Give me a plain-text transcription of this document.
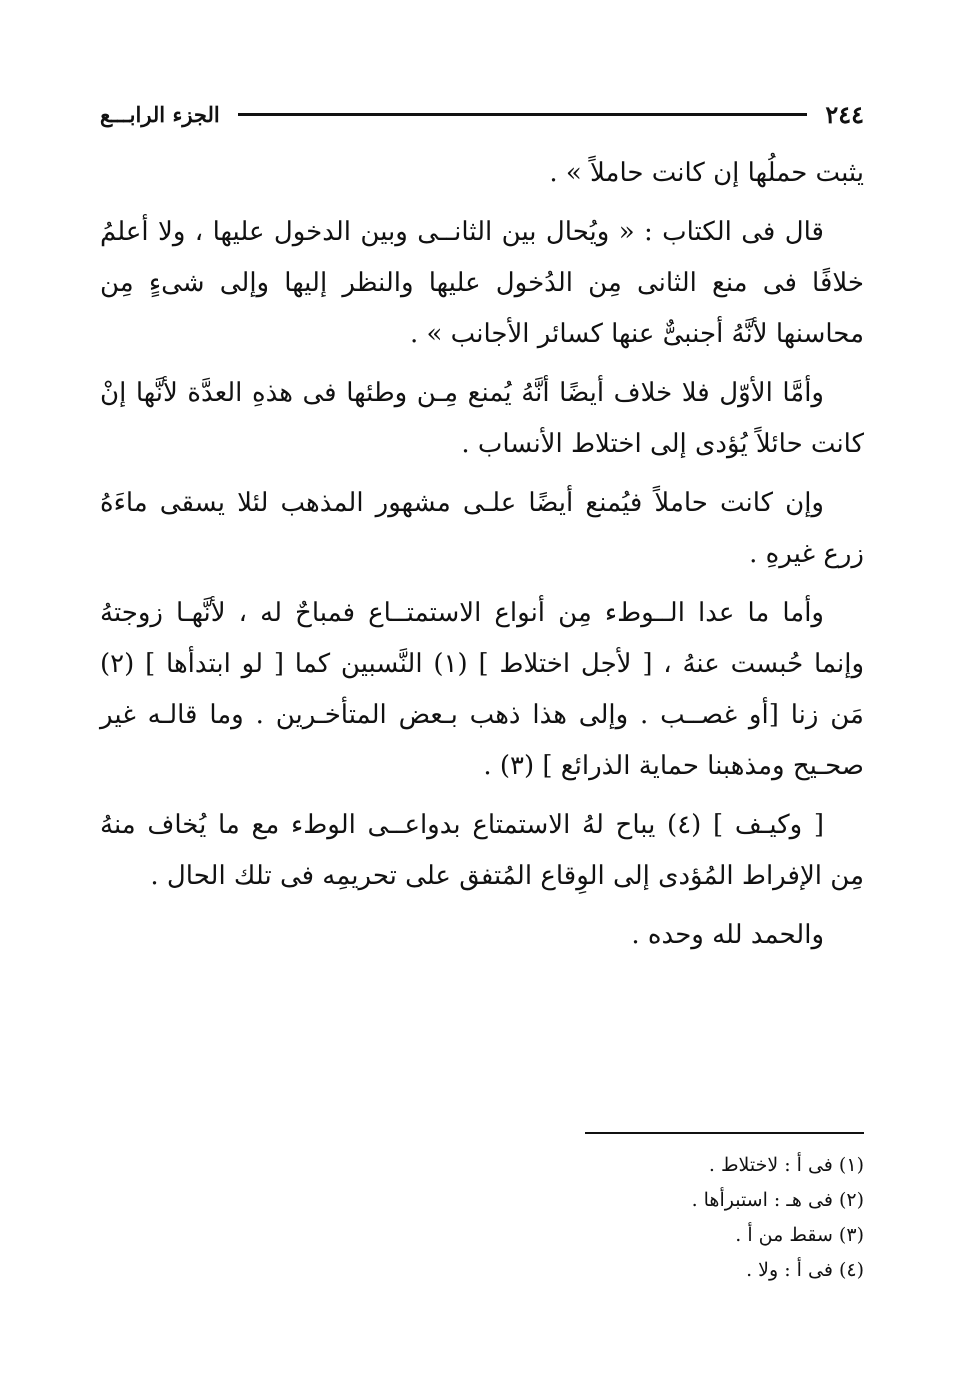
٢٤٤
الجزء الرابـــع

يثبت حملُها إن كانت حاملاً » .

قال فى الكتاب : « ويُحال بين الثانــى وبين الدخول عليها ، ولا أعلمُ خلافًا فى منع الثانى مِن الدُخول عليها والنظر إليها وإلى شىءٍ مِن محاسنها لأنَّهُ أجنبىٌّ عنها كسائر الأجانب » .

وأمَّا الأوّل فلا خلاف أيضًا أنَّهُ يُمنع مِـن وطئها فى هذهِ العدَّة لأنَّها إنْ كانت حائلاً يُؤدى إلى اختلاط الأنساب .

وإن كانت حاملاً فيُمنع أيضًا علـى مشهور المذهب لئلا يسقى ماءَهُ زرع غيرهِ .

وأما ما عدا الــوطء مِن أنواع الاستمتــاع فمباحٌ له ، لأنَّهـا زوجتهُ وإنما حُبست عنهُ ، [ لأجل اختلاط ] (١) النَّسبين كما [ لو ابتدأها ] (٢) مَن زنا [أو غصــب . وإلى هذا ذهب بـعض المتأخـرين . وما قالـه غير صحـيح ومذهبنا حماية الذرائع ] (٣) .

[ وكيـف ] (٤) يباح لهُ الاستمتاع بدواعــى الوطء مع ما يُخاف منهُ مِن الإفراط المُؤدى إلى الوِقاع المُتفق على تحريمِه فى تلك الحال .

والحمد لله وحده .

(١) فى أ : لاختلاط .

(٢) فى هـ : استبرأها .

(٣) سقط من أ .

(٤) فى أ : ولا .
